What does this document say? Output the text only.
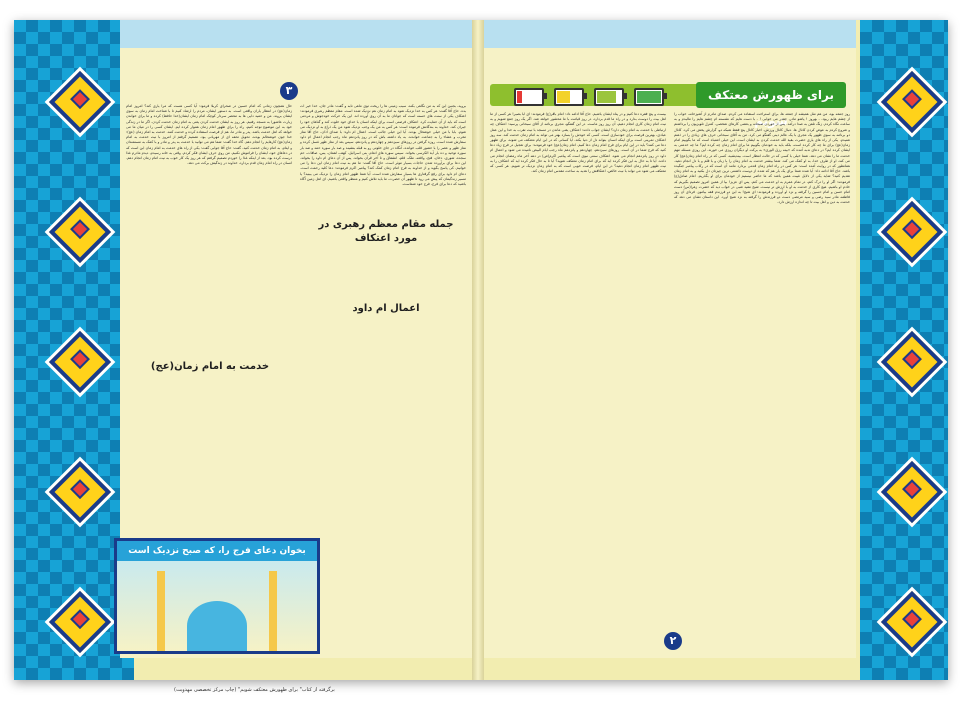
۳
حال همچون زمانی که امام حسین در صحرای کربلا فرمود: آیا کسی هست که مرا یاری کند؟ امروز امام زمان(عج) در انتظار یاران واقعی است. به دستور ایشان، مردم را ارشاد کنیم تا با شناخت امام زمان به سوی ایشان بروند. من و حمید دایی ها به محضر سردار کوچک امام زمان ایشان(خدا حافظ) کرده و ما برای خواندن زیارت عاشورا به مسجد رفتیم. هر روز به ایشان خدمت کردن یعنی به امام زمان خدمت کردن. اگر ما در زندگی خود به این موضوع توجه کنیم، راه را برای ظهور امام زمان هموار کرده ایم. ایشان کسی را در میان ما می خواهد که اهل خدمت باشد. پدر و مادر ما، هم از فرصت استفاده کرده و خدمت کنند. خدمت به امام زمان (عج): خدا جون خوشحالم بودند، تحویل تحفه ای از مهربانی بود. تصمیم گرفتم از امروز با نیت خدمت به امام زمان(عج) کارهایم را انجام دهم. گاه خدا گفت: شما هم می توانید با خدمت به پدر و مادر و با کمک به مستمندان و ایتام، به امام زمان خدمت کنید. گفت: حاج آقا جوابی گفت: یکی از راه های خدمت به امام زمان این است که در دعاهای خود، ایشان را فراموش نکنیم. من روی حرف ایشان فکر کردم. وقتی به خانه رسیدم، دیدم مادرم غذا درست کرده بود. بعد از اینکه غذا را خوردم تصمیم گرفتم که هر روز یک کار خوب به نیت امام زمان انجام دهم. انسان در راه امام زمان قدم بردارد، خداوند در زندگیش برکت می دهد.
خدمت به امام زمان(عج)
بروید، بجنین این که به من نگاهی بکند، سیب زمینی ها را ریخت توی ماهی تابه و گفت: مادر جان، خدا خیر ات بده. حاج آقا گفت: هر کس به خدا نزدیک شود به امام زمان هم نزدیک شده است. مقام معظم رهبری فرمودند: اعتکاف یکی از سنت های حسنه است که جوانان ما به آن روی آورده اند. این یک حرکت خودجوش و مردمی است که باید از آن حمایت کرد. اعتکاف فرصتی است برای اینکه انسان با خدای خود خلوت کند و گناهان خود را جبران کند. خداوند به بندگانش فرموده است: هر کس به من یک وجب نزدیک شود من یک ذراع به او نزدیک می شوم. بابا با من خیلی خوشحال بودند. آیا این خیلی جالب است. اعمال ام داود: با صدای آذان، حاج آقا نماز مغرب و عشاء را به جماعت خواندند. به یاد داشته باش که در روز پانزدهم ماه رجب انجام اعمال ام داود سفارش شده است. روزه گرفتن در روزهای سیزدهم و چهاردهم و پانزدهم، سپس بعد از نماز ظهر غسل کرده و نماز ظهر و عصر را با حضور قلب خوانده، آنگاه در جای خلوتی رو به قبله بنشیند و صد بار سوره حمد و صد بار سوره توحید و ده بار آیة الکرسی بخواند. سپس سوره های انعام، بنی اسرائیل، کهف، لقمان، یس، صافات، حم سجده، شوری، دخان، فتح، واقعه، ملک، قلم، انشقاق و تا آخر قرآن بخواند. پس از آن دعای ام داود را بخواند. این دعا برای برآورده شدن حاجات بسیار موثر است. حاج آقا گفت: ما هم به نیت امام زمان این دعا را می خوانیم. کی پاسخ بگوید و از خداوند به فرج امام زمان کمک کند؟ پیامبر اکرم فرمودند: دعا کلید رحمت است. دعای ام داود برای رفع گرفتاری ها بسیار سفارش شده است. آیا شما ظهور امام زمان را نزدیک می بینید؟ یا مسیر زندگیمان که پیش می رود تا ظهور آن حضرت، ما باید تلاش کنیم و منتظر واقعی باشیم. ای اهل زمین آگاه باشید که دعا برای فرج، فرج خود شماست.
جمله مقام معظم رهبری در مورد اعتکاف
اعمال ام داود
بخوان دعای فرج را، که صبح نزدیک است
برای ظهورش معتکف شویم
روز جمعه بود، من هم مثل همیشه از جمعه ها، برای استراحت استفاده می کردم. صدای مادرم از آشپزخانه، خواب را از چشم هایم ربود. - بهروز ! پاشو مادر، چقدر می خوابی ! - با دست هایم که نشسته ام چشم هایم را مالیدم و به ساعت نگاه کردم. زنگ تلفن به صدا درآمد. پس از خوردن صبحانه و بعضی کارهای شخصی، کنترل تلویزیون را برداشتم و شروع کردم به عوض کردن کانال ها. دنبال کانال ورزش، اخبار کانال پنج فقط شبکه دو، گزارش پخش می کرد. کانال دو برنامه به سوی ظهور پک مجری با یک عالم دینی گفتگو می کرد. من به آقای سبحانی حرف های زیادی را در ذهنم شنیدم. یکی از راه های یاری حضرت بقیة الله خدمت کردن به ایشان است. این خیلی اشتباه است که ما بگوییم امام زمان(عج) برای ما چه کار کرده است، بلکه باید به خودمان بگوییم ما برای امام زمان چه کرده ایم؟ ما چه خدمتی به ایشان کرده ایم؟ در دعای ندبه آمده که «بیته رزق الوری» به برکت او دیگران روزی می خورند. این روزی مسئله مهم خدمت ما را نشان می دهد. شما خیلی با کسی که در حالت انتظار است. بیندیشید، کسی که در راه امام زمان(عج) کار می کند، او از طرف خدا، به او کمک می کند. شما بیشتر خدمت به امام زمان را با زبان و با قلم و با دل انجام دهید. همانطور که در روایت آمده است: هر کس در راه امام زمان قدمی بردارد مانند آن است که در رکاب پیامبر جنگیده باشد. حاج آقا ادامه داد: آیا شده شما برای یک بار هم که شده از دوست داشتنی ترین چیزتان دل بکنید و به امام زمان تقدیم کنید؟ شاید یکی از دلایل غیبت همین باشد که ما حاضر نیستیم از خودمان برای او بگذریم. امام صادق(ع) فرمودند: اگر او را درک کنم، در تمام عمرم به او خدمت می کنم. پس ای عزیز! بیا از همین امروز تصمیم بگیریم که خادم او باشیم. هیچ کاری از خدمت به او با ارزش تر نیست. شیخ مفید شبی در خواب دید که حضرت زهرا(س) دست امام حسن و امام حسین را گرفته و نزد او آورده و فرمودند: ای شیخ! به این دو فرزندم فقه بیاموز. فردای آن روز فاطمه مادر سید رضی و سید مرتضی دست دو فرزندش را گرفته به نزد شیخ آورد. این داستان نشان می دهد که خدمت به دین و اهل بیت تا چه اندازه ارزش دارد.
بیست و پنج فقره دعا کنیم و در پناه ایشان باشیم. حاج آقا ادامه داد: امام باقر(ع) فرمودند: ای ابا بصیر! هر کسی از ما اهل بیت را دوست بدارد و در راه ما قدم بردارد، در روز قیامت با ما محشور خواهد شد. اگر یک روز جمع شویم و به نیت امام زمان کاری انجام دهیم، آن روز روز ماست. در این گفتگو، مجری برنامه از آقای سبحانی پرسید: اعتکاف چه ارتباطی با خدمت به امام زمان دارد؟ ایشان جواب دادند: اعتکاف یعنی ماندن در مسجد با نیت تقرب به خدا و این عمل عبادی، بهترین فرصت برای خودسازی است. کسی که خودش را بسازد بهتر می تواند به امام زمان خدمت کند. سه روز اعتکاف تمرینی است برای اینکه انسان بتواند دل از دنیا بکند. آیا کسانی که در این ایام معتکف می شوند، برای ظهور دعا می کنند؟ باید در این ایام برای فرج امام زمان دعا کنیم. امام زمان(عج) خود فرمودند: برای تعجیل در فرج زیاد دعا کنید که فرج شما در آن است. روزهای سیزدهم، چهاردهم و پانزدهم ماه رجب ایام البیض نامیده می شود و اعمال ام داود در روز پانزدهم انجام می شود. اعتکاف سنتی نبوی است که پیامبر اکرم(ص) در دهه آخر ماه رمضان انجام می دادند. آیا تا به حال به این فکر کرده اید که برای امام زمان معتکف شوید؟ آیا تا به حال فکر کرده اید که اعتکاف را به نیت ظهور امام زمان انجام دهید؟ در این ایام، فرصت خوبی است که به امام زمان نزدیک تر شویم. هر کسی که معتکف می شود می تواند با نیت خالص، اعتکافش را هدیه به ساحت مقدس امام زمان کند.
۲
برگرفته از کتاب" برای ظهورش معتکف شویم" (چاپ مرکز تخصصی مهدویت)
